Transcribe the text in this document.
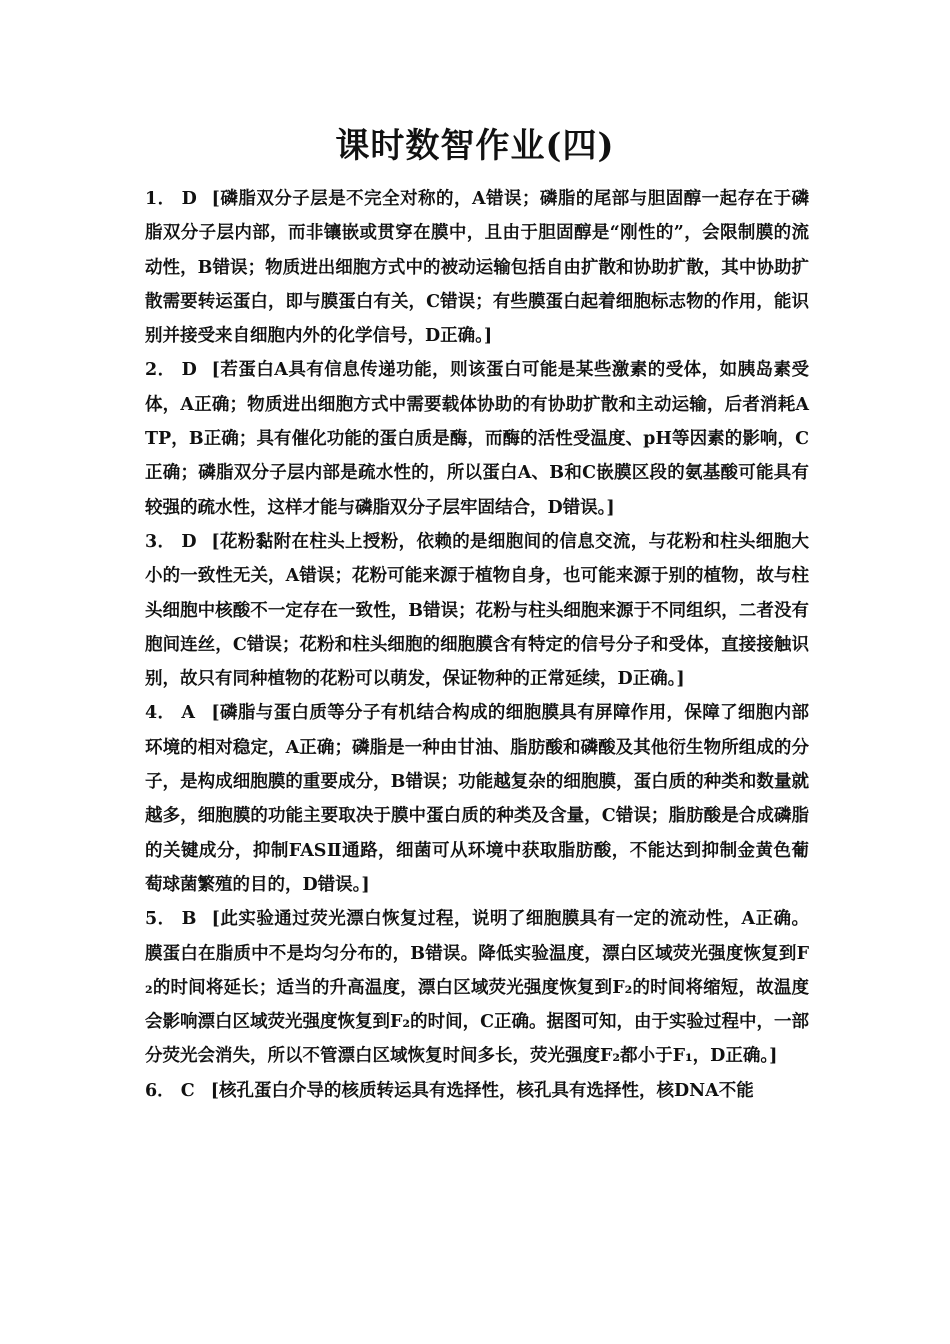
课时数智作业(四)

1． D [磷脂双分子层是不完全对称的，A错误；磷脂的尾部与胆固醇一起存在于磷脂双分子层内部，而非镶嵌或贯穿在膜中，且由于胆固醇是“刚性的”，会限制膜的流动性，B错误；物质进出细胞方式中的被动运输包括自由扩散和协助扩散，其中协助扩散需要转运蛋白，即与膜蛋白有关，C错误；有些膜蛋白起着细胞标志物的作用，能识别并接受来自细胞内外的化学信号，D正确。]

2． D [若蛋白A具有信息传递功能，则该蛋白可能是某些激素的受体，如胰岛素受体，A正确；物质进出细胞方式中需要载体协助的有协助扩散和主动运输，后者消耗ATP，B正确；具有催化功能的蛋白质是酶，而酶的活性受温度、pH等因素的影响，C正确；磷脂双分子层内部是疏水性的，所以蛋白A、B和C嵌膜区段的氨基酸可能具有较强的疏水性，这样才能与磷脂双分子层牢固结合，D错误。]

3． D [花粉黏附在柱头上授粉，依赖的是细胞间的信息交流，与花粉和柱头细胞大小的一致性无关，A错误；花粉可能来源于植物自身，也可能来源于别的植物，故与柱头细胞中核酸不一定存在一致性，B错误；花粉与柱头细胞来源于不同组织，二者没有胞间连丝，C错误；花粉和柱头细胞的细胞膜含有特定的信号分子和受体，直接接触识别，故只有同种植物的花粉可以萌发，保证物种的正常延续，D正确。]

4． A [磷脂与蛋白质等分子有机结合构成的细胞膜具有屏障作用，保障了细胞内部环境的相对稳定，A正确；磷脂是一种由甘油、脂肪酸和磷酸及其他衍生物所组成的分子，是构成细胞膜的重要成分，B错误；功能越复杂的细胞膜，蛋白质的种类和数量就越多，细胞膜的功能主要取决于膜中蛋白质的种类及含量，C错误；脂肪酸是合成磷脂的关键成分，抑制FASⅡ通路，细菌可从环境中获取脂肪酸，不能达到抑制金黄色葡萄球菌繁殖的目的，D错误。]

5． B [此实验通过荧光漂白恢复过程，说明了细胞膜具有一定的流动性，A正确。膜蛋白在脂质中不是均匀分布的，B错误。降低实验温度，漂白区域荧光强度恢复到F₂的时间将延长；适当的升高温度，漂白区域荧光强度恢复到F₂的时间将缩短，故温度会影响漂白区域荧光强度恢复到F₂的时间，C正确。据图可知，由于实验过程中，一部分荧光会消失，所以不管漂白区域恢复时间多长，荧光强度F₂都小于F₁，D正确。]

6． C [核孔蛋白介导的核质转运具有选择性，核孔具有选择性，核DNA不能
